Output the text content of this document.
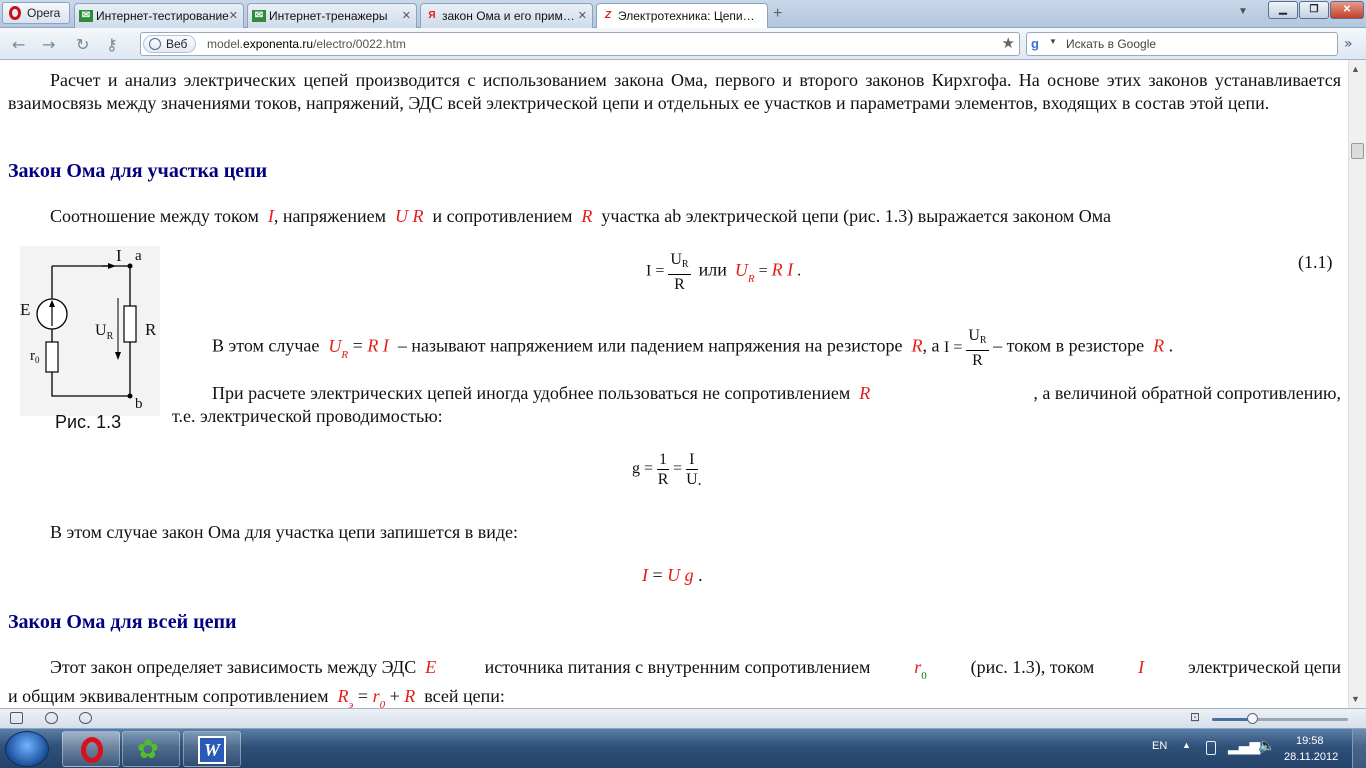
Opera ✉ Интернет-тестирование ✕ ✉ Интернет-тренажеры ✕	Я закон Ома и его прим… ✕	Z Электротехника: Цепи… +	▼	▁	❐	✕
← → ↻ ⚷	Веб	model.exponenta.ru/electro/0022.htm	★ g	▼ Искать в Google	»

Расчет и анализ электрических цепей производится с использованием закона Ома, первого и второго законов Кирхгофа. На основе этих законов устанавливается взаимосвязь между значениями токов, напряжений, ЭДС всей электрической цепи и отдельных ее участков и параметрами элементов, входящих в состав этой цепи.

Закон Ома для участка цепи
Соотношение между током I, напряжением U R и сопротивлением R участка ab электрической цепи (рис. 1.3) выражается законом Ома
E
I a
b
R
$U_R$
$r_0$
Рис. 1.3
$I = \frac{UR}{R}$ или $U_R = R$ I .	(1.1)
В этом случае $U_R = R$ I – называют напряжением или падением напряжения на резисторе R, а $I = \frac{UR}{R}$ – током в резисторе R .
При расчете электрических цепей иногда удобнее пользоваться не сопротивлением R	, а величиной обратной сопротивлению,
т.е. электрической проводимостью:
$g = \frac{1}{R} = \frac{I}{U}$ .
В этом случае закон Ома для участка цепи запишется в виде:
I = U g .
Закон Ома для всей цепи
Этот закон определяет зависимость между ЭДС E	источника питания с внутренним сопротивлением $r_0$ (рис. 1.3), током I электрической цепи
и общим эквивалентным сопротивлением $R_э = r_0 + R$ всей цепи:
▲
▼
⊡
✿	W	EN ▲	▂▄▆
🔈 19:58
28.11.2012
